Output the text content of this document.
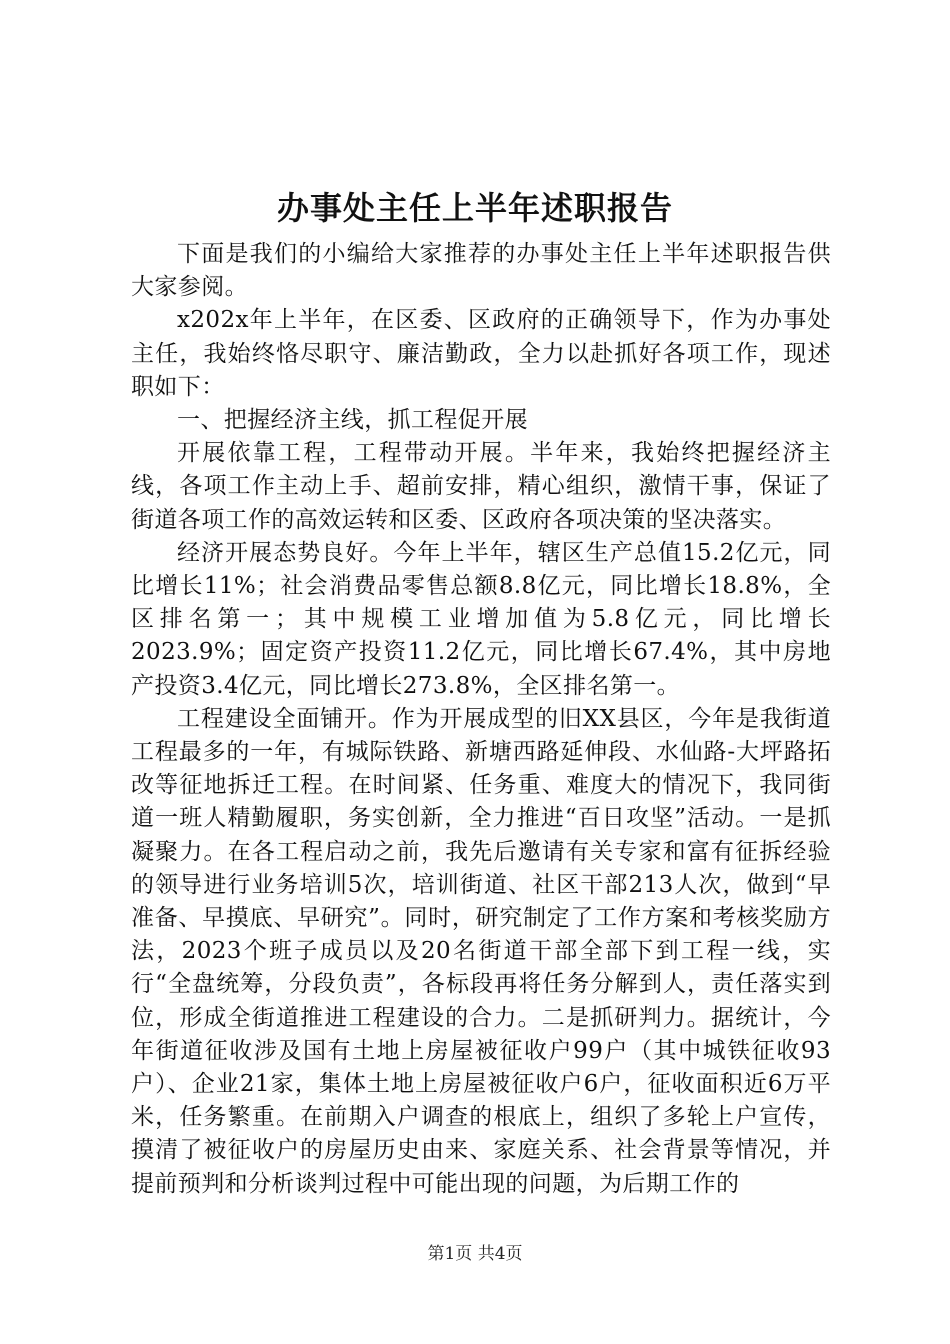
办事处主任上半年述职报告

下面是我们的小编给大家推荐的办事处主任上半年述职报告供大家参阅。

x202x年上半年，在区委、区政府的正确领导下，作为办事处主任，我始终恪尽职守、廉洁勤政，全力以赴抓好各项工作，现述职如下：

一、把握经济主线，抓工程促开展

开展依靠工程，工程带动开展。半年来，我始终把握经济主线，各项工作主动上手、超前安排，精心组织，激情干事，保证了街道各项工作的高效运转和区委、区政府各项决策的坚决落实。

经济开展态势良好。今年上半年，辖区生产总值15.2亿元，同比增长11%；社会消费品零售总额8.8亿元，同比增长18.8%，全区排名第一；其中规模工业增加值为5.8亿元，同比增长2023.9%；固定资产投资11.2亿元，同比增长67.4%，其中房地产投资3.4亿元，同比增长273.8%，全区排名第一。

工程建设全面铺开。作为开展成型的旧XX县区，今年是我街道工程最多的一年，有城际铁路、新塘西路延伸段、水仙路-大坪路拓改等征地拆迁工程。在时间紧、任务重、难度大的情况下，我同街道一班人精勤履职，务实创新，全力推进“百日攻坚”活动。一是抓凝聚力。在各工程启动之前，我先后邀请有关专家和富有征拆经验的领导进行业务培训5次，培训街道、社区干部213人次，做到“早准备、早摸底、早研究”。同时，研究制定了工作方案和考核奖励方法，2023个班子成员以及20名街道干部全部下到工程一线，实行“全盘统筹，分段负责”，各标段再将任务分解到人，责任落实到位，形成全街道推进工程建设的合力。二是抓研判力。据统计，今年街道征收涉及国有土地上房屋被征收户99户（其中城铁征收93户）、企业21家，集体土地上房屋被征收户6户，征收面积近6万平米，任务繁重。在前期入户调查的根底上，组织了多轮上户宣传，摸清了被征收户的房屋历史由来、家庭关系、社会背景等情况，并提前预判和分析谈判过程中可能出现的问题，为后期工作的

第1页 共4页
